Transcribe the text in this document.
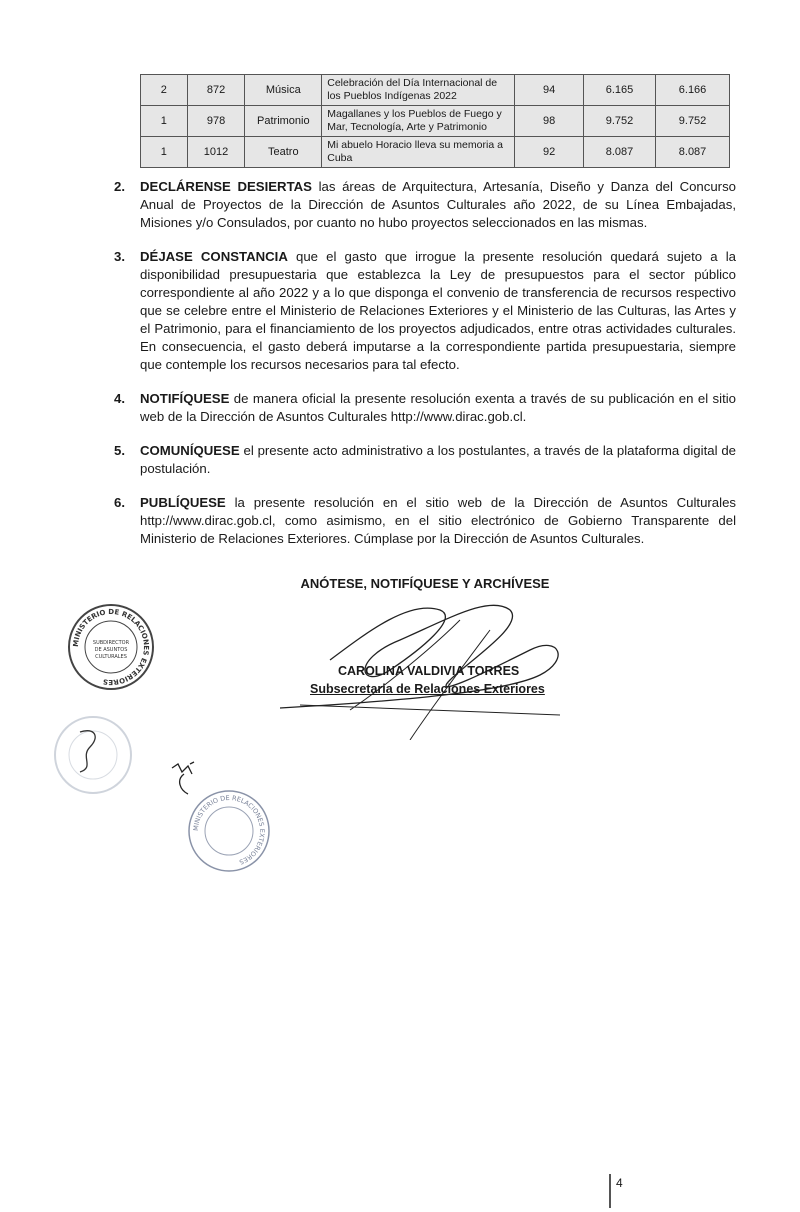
2	872	Música	Celebración del Día Internacional de los Pueblos Indígenas 2022	94	6.165	6.166
1	978	Patrimonio	Magallanes y los Pueblos de Fuego y Mar, Tecnología, Arte y Patrimonio	98	9.752	9.752
1	1012	Teatro	Mi abuelo Horacio lleva su memoria a Cuba	92	8.087	8.087
2.	DECLÁRENSE DESIERTAS las áreas de Arquitectura, Artesanía, Diseño y Danza del Concurso Anual de Proyectos de la Dirección de Asuntos Culturales año 2022, de su Línea Embajadas, Misiones y/o Consulados, por cuanto no hubo proyectos seleccionados en las mismas.
3.	DÉJASE CONSTANCIA que el gasto que irrogue la presente resolución quedará sujeto a la disponibilidad presupuestaria que establezca la Ley de presupuestos para el sector público correspondiente al año 2022 y a lo que disponga el convenio de transferencia de recursos respectivo que se celebre entre el Ministerio de Relaciones Exteriores y el Ministerio de las Culturas, las Artes y el Patrimonio, para el financiamiento de los proyectos adjudicados, entre otras actividades culturales. En consecuencia, el gasto deberá imputarse a la correspondiente partida presupuestaria, siempre que contemple los recursos necesarios para tal efecto.
4.	NOTIFÍQUESE de manera oficial la presente resolución exenta a través de su publicación en el sitio web de la Dirección de Asuntos Culturales http://www.dirac.gob.cl.
5.	COMUNÍQUESE el presente acto administrativo a los postulantes, a través de la plataforma digital de postulación.
6.	PUBLÍQUESE la presente resolución en el sitio web de la Dirección de Asuntos Culturales http://www.dirac.gob.cl, como asimismo, en el sitio electrónico de Gobierno Transparente del Ministerio de Relaciones Exteriores. Cúmplase por la Dirección de Asuntos Culturales.
ANÓTESE, NOTIFÍQUESE Y ARCHÍVESE
CAROLINA VALDIVIA TORRES
Subsecretaria de Relaciones Exteriores
MINISTERIO DE RELACIONES EXTERIORES
SUBDIRECTOR
DE ASUNTOS
CULTURALES
MINISTERIO DE RELACIONES EXTERIORES
4
